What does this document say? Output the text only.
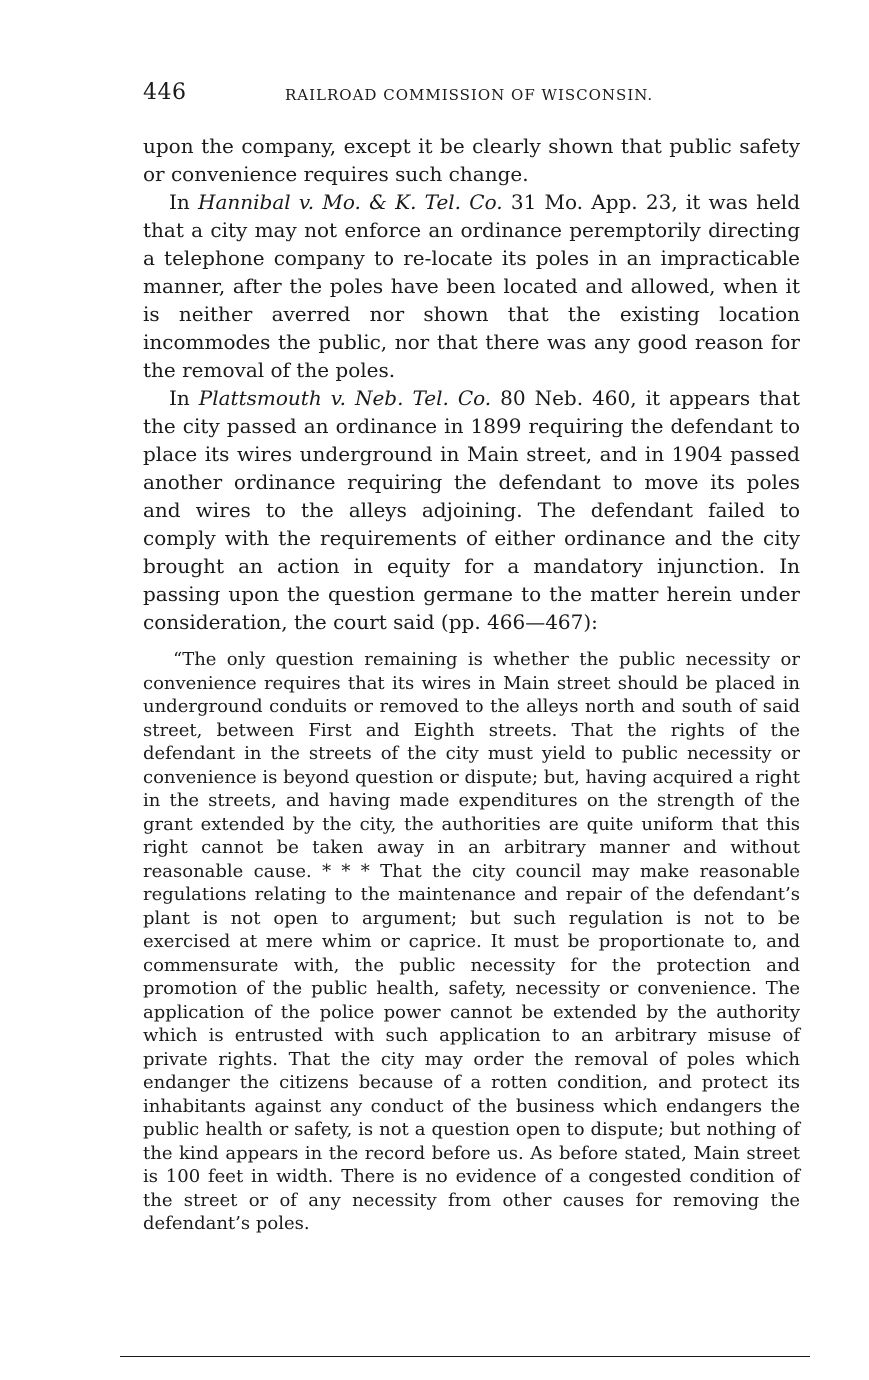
446	RAILROAD COMMISSION OF WISCONSIN.

upon the company, except it be clearly shown that public safety or convenience requires such change.

In Hannibal v. Mo. & K. Tel. Co. 31 Mo. App. 23, it was held that a city may not enforce an ordinance peremptorily directing a telephone company to re-locate its poles in an impracticable manner, after the poles have been located and allowed, when it is neither averred nor shown that the existing location incommodes the public, nor that there was any good reason for the removal of the poles.

In Plattsmouth v. Neb. Tel. Co. 80 Neb. 460, it appears that the city passed an ordinance in 1899 requiring the defendant to place its wires underground in Main street, and in 1904 passed another ordinance requiring the defendant to move its poles and wires to the alleys adjoining. The defendant failed to comply with the requirements of either ordinance and the city brought an action in equity for a mandatory injunction. In passing upon the question germane to the matter herein under consideration, the court said (pp. 466—467):

“The only question remaining is whether the public necessity or convenience requires that its wires in Main street should be placed in underground conduits or removed to the alleys north and south of said street, between First and Eighth streets. That the rights of the defendant in the streets of the city must yield to public necessity or convenience is beyond question or dispute; but, having acquired a right in the streets, and having made expenditures on the strength of the grant extended by the city, the authorities are quite uniform that this right cannot be taken away in an arbitrary manner and without reasonable cause. * * * That the city council may make reasonable regulations relating to the maintenance and repair of the defendant’s plant is not open to argument; but such regulation is not to be exercised at mere whim or caprice. It must be proportionate to, and commensurate with, the public necessity for the protection and promotion of the public health, safety, necessity or convenience. The application of the police power cannot be extended by the authority which is entrusted with such application to an arbitrary misuse of private rights. That the city may order the removal of poles which endanger the citizens because of a rotten condition, and protect its inhabitants against any conduct of the business which endangers the public health or safety, is not a question open to dispute; but nothing of the kind appears in the record before us. As before stated, Main street is 100 feet in width. There is no evidence of a congested condition of the street or of any necessity from other causes for removing the defendant’s poles.
